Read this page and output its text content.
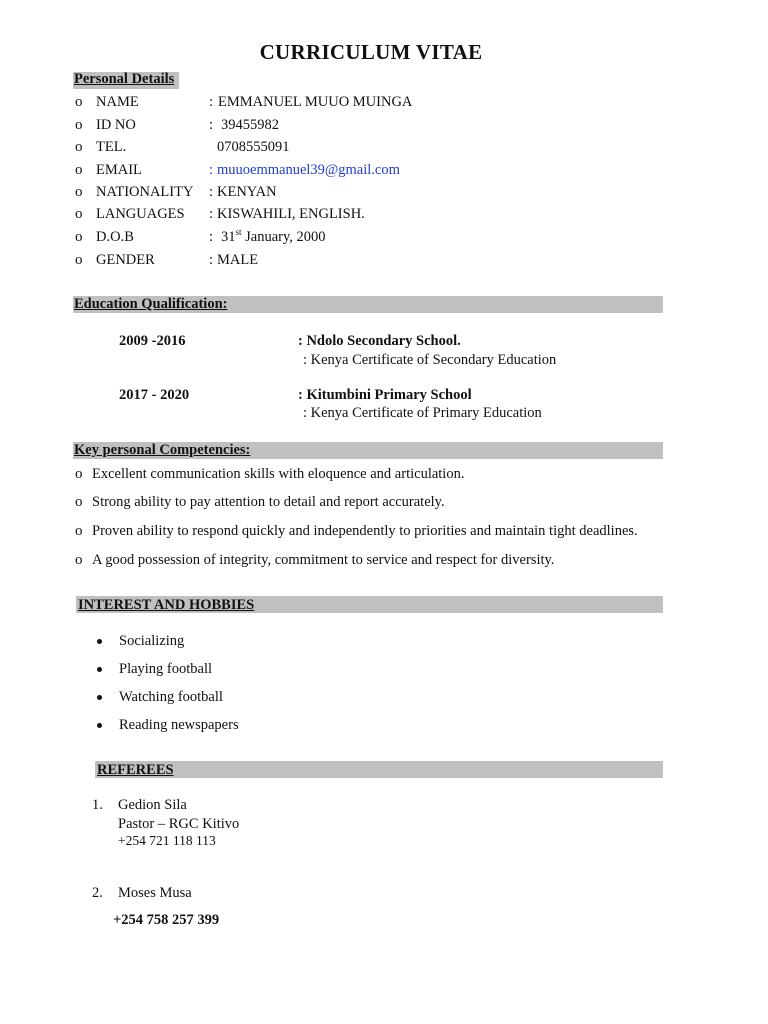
CURRICULUM VITAE
Personal Details
o NAME	: EMMANUEL MUUO MUINGA
o ID NO	: 39455982
o TEL.	0708555091
o EMAIL	: muuoemmanuel39@gmail.com
o NATIONALITY : KENYAN
o LANGUAGES : KISWAHILI, ENGLISH.
o D.O.B	: 31st January, 2000
o GENDER	: MALE
Education Qualification:
2009 -2016	: Ndolo Secondary School.
: Kenya Certificate of Secondary Education
2017 - 2020	: Kitumbini Primary School
: Kenya Certificate of Primary Education
Key personal Competencies:
o Excellent communication skills with eloquence and articulation.
o Strong ability to pay attention to detail and report accurately.
o Proven ability to respond quickly and independently to priorities and maintain tight deadlines.
o A good possession of integrity, commitment to service and respect for diversity.
INTEREST AND HOBBIES
Socializing
Playing football
Watching football
Reading newspapers
REFEREES
1. Gedion Sila
Pastor – RGC Kitivo
+254 721 118 113
2. Moses Musa
+254 758 257 399
